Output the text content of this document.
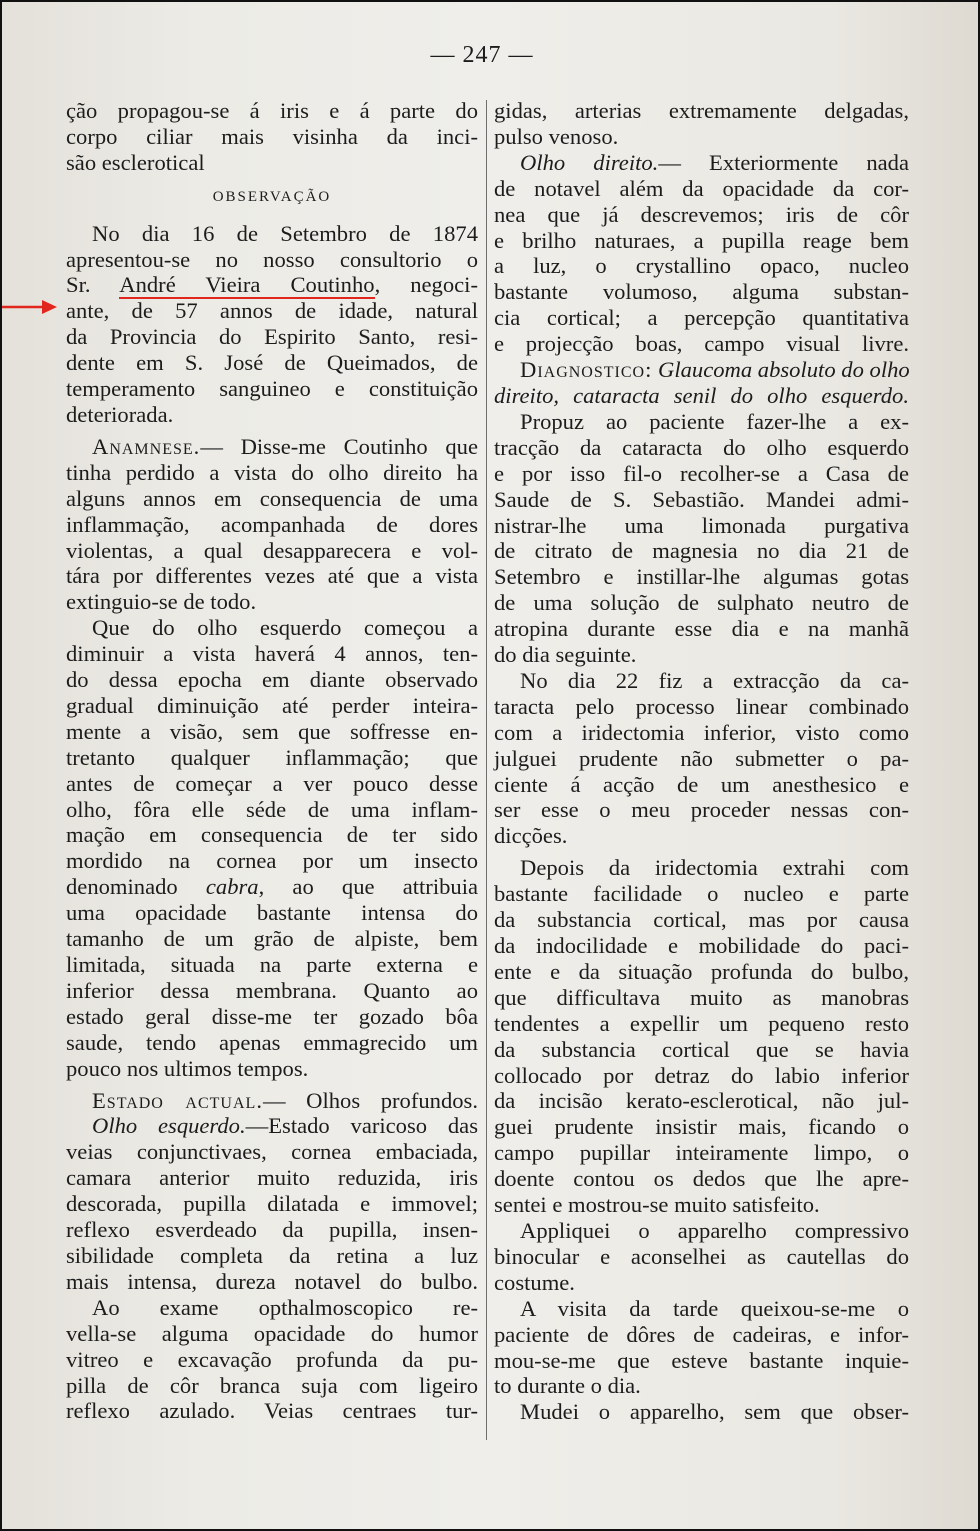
— 247 —
ção propagou-se á iris e á parte do
corpo ciliar mais visinha da inci-
são esclerotical
OBSERVAÇÃO
No dia 16 de Setembro de 1874
apresentou-se no nosso consultorio o
Sr. André Vieira Coutinho, negoci-
ante, de 57 annos de idade, natural
da Provincia do Espirito Santo, resi-
dente em S. José de Queimados, de
temperamento sanguineo e constituição
deteriorada.
Anamnese.— Disse-me Coutinho que
tinha perdido a vista do olho direito ha
alguns annos em consequencia de uma
inflammação, acompanhada de dores
violentas, a qual desapparecera e vol-
tára por differentes vezes até que a vista
extinguio-se de todo.
Que do olho esquerdo começou a
diminuir a vista haverá 4 annos, ten-
do dessa epocha em diante observado
gradual diminuição até perder inteira-
mente a visão, sem que soffresse en-
tretanto qualquer inflammação; que
antes de começar a ver pouco desse
olho, fôra elle séde de uma inflam-
mação em consequencia de ter sido
mordido na cornea por um insecto
denominado cabra, ao que attribuia
uma opacidade bastante intensa do
tamanho de um grão de alpiste, bem
limitada, situada na parte externa e
inferior dessa membrana. Quanto ao
estado geral disse-me ter gozado bôa
saude, tendo apenas emmagrecido um
pouco nos ultimos tempos.
Estado actual.— Olhos profundos.
Olho esquerdo.—Estado varicoso das
veias conjunctivaes, cornea embaciada,
camara anterior muito reduzida, iris
descorada, pupilla dilatada e immovel;
reflexo esverdeado da pupilla, insen-
sibilidade completa da retina a luz
mais intensa, dureza notavel do bulbo.
Ao exame opthalmoscopico re-
vella-se alguma opacidade do humor
vitreo e excavação profunda da pu-
pilla de côr branca suja com ligeiro
reflexo azulado. Veias centraes tur-
gidas, arterias extremamente delgadas,
pulso venoso.
Olho direito.— Exteriormente nada
de notavel além da opacidade da cor-
nea que já descrevemos; iris de côr
e brilho naturaes, a pupilla reage bem
a luz, o crystallino opaco, nucleo
bastante volumoso, alguma substan-
cia cortical; a percepção quantitativa
e projecção boas, campo visual livre.
Diagnostico: Glaucoma absoluto do olho
direito, cataracta senil do olho esquerdo.
Propuz ao paciente fazer-lhe a ex-
tracção da cataracta do olho esquerdo
e por isso fil-o recolher-se a Casa de
Saude de S. Sebastião. Mandei admi-
nistrar-lhe uma limonada purgativa
de citrato de magnesia no dia 21 de
Setembro e instillar-lhe algumas gotas
de uma solução de sulphato neutro de
atropina durante esse dia e na manhã
do dia seguinte.
No dia 22 fiz a extracção da ca-
taracta pelo processo linear combinado
com a iridectomia inferior, visto como
julguei prudente não submetter o pa-
ciente á acção de um anesthesico e
ser esse o meu proceder nessas con-
dicções.
Depois da iridectomia extrahi com
bastante facilidade o nucleo e parte
da substancia cortical, mas por causa
da indocilidade e mobilidade do paci-
ente e da situação profunda do bulbo,
que difficultava muito as manobras
tendentes a expellir um pequeno resto
da substancia cortical que se havia
collocado por detraz do labio inferior
da incisão kerato-esclerotical, não jul-
guei prudente insistir mais, ficando o
campo pupillar inteiramente limpo, o
doente contou os dedos que lhe apre-
sentei e mostrou-se muito satisfeito.
Appliquei o apparelho compressivo
binocular e aconselhei as cautellas do
costume.
A visita da tarde queixou-se-me o
paciente de dôres de cadeiras, e infor-
mou-se-me que esteve bastante inquie-
to durante o dia.
Mudei o apparelho, sem que obser-
